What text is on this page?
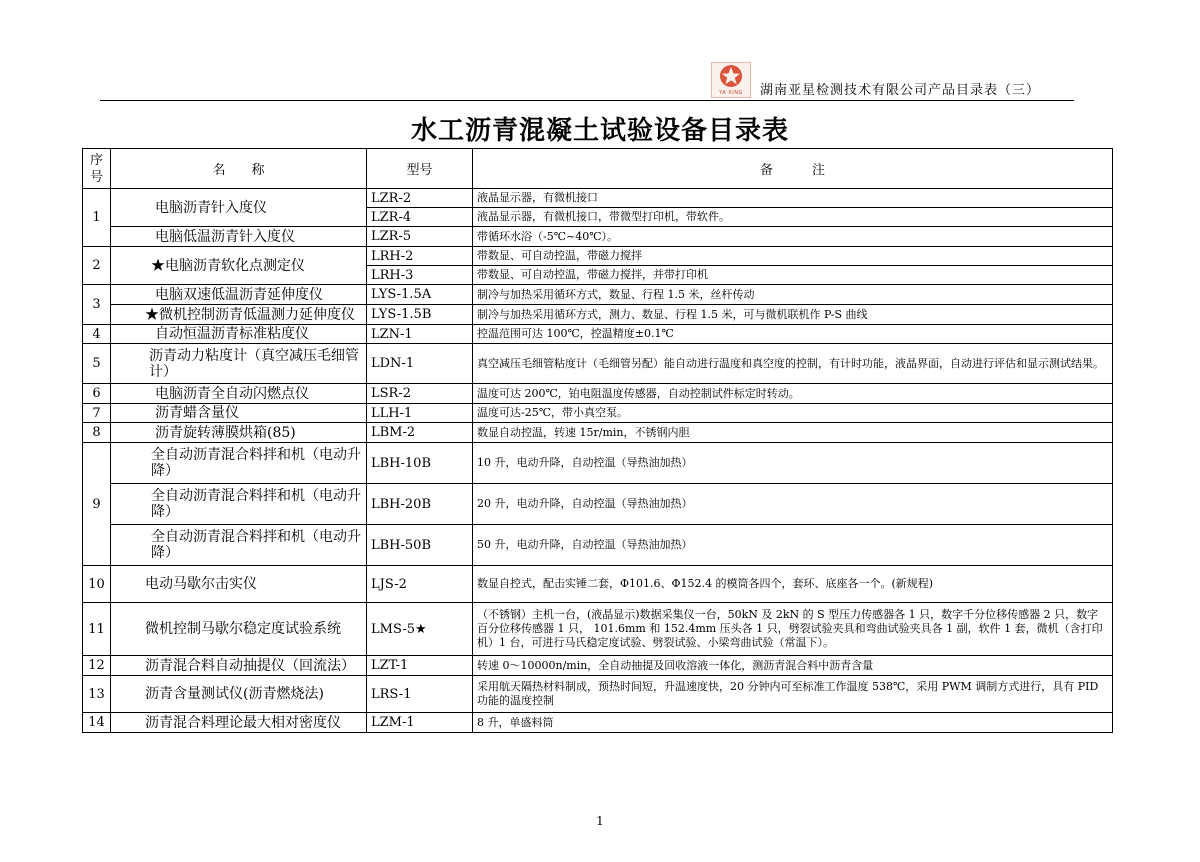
YA XING	湖南亚星检测技术有限公司产品目录表（三）
水工沥青混凝土试验设备目录表
序
号	名　　称	型号	备　　　注
1	电脑沥青针入度仪	LZR-2	液晶显示器，有微机接口
		LZR-4	液晶显示器，有微机接口，带微型打印机，带软件。
	电脑低温沥青针入度仪	LZR-5	带循环水浴（-5℃~40℃）。
2	★电脑沥青软化点测定仪	LRH-2	带数显、可自动控温，带磁力搅拌
		LRH-3	带数显、可自动控温，带磁力搅拌，并带打印机
3	电脑双速低温沥青延伸度仪	LYS-1.5A	制冷与加热采用循环方式，数显、行程 1.5 米，丝杆传动
	★微机控制沥青低温测力延伸度仪	LYS-1.5B	制冷与加热采用循环方式，测力、数显、行程 1.5 米，可与微机联机作 P-S 曲线
4	自动恒温沥青标准粘度仪	LZN-1	控温范围可达 100℃，控温精度±0.1℃
5	沥青动力粘度计（真空减压毛细管计）	LDN-1	真空减压毛细管粘度计（毛细管另配）能自动进行温度和真空度的控制，有计时功能，液晶界面，自动进行评估和显示测试结果。
6	电脑沥青全自动闪燃点仪	LSR-2	温度可达 200℃，铂电阻温度传感器，自动控制试件标定时转动。
7	沥青蜡含量仪	LLH-1	温度可达-25℃，带小真空泵。
8	沥青旋转薄膜烘箱(85)	LBM-2	数显自动控温，转速 15r/min，不锈钢内胆
9	全自动沥青混合料拌和机（电动升降）	LBH-10B	10 升，电动升降，自动控温（导热油加热）
	全自动沥青混合料拌和机（电动升降）	LBH-20B	20 升，电动升降，自动控温（导热油加热）
	全自动沥青混合料拌和机（电动升降）	LBH-50B	50 升，电动升降，自动控温（导热油加热）
10	电动马歇尔击实仪	LJS-2	数显自控式，配击实锤二套，Φ101.6、Φ152.4 的模筒各四个，套环、底座各一个。(新规程)
11	微机控制马歇尔稳定度试验系统	LMS-5★	（不锈钢）主机一台，(液晶显示)数据采集仪一台，50kN 及 2kN 的 S 型压力传感器各 1 只，数字千分位移传感器 2 只，数字百分位移传感器 1 只， 101.6mm 和 152.4mm 压头各 1 只，劈裂试验夹具和弯曲试验夹具各 1 副，软件 1 套，微机（含打印机）1 台，可进行马氏稳定度试验、劈裂试验、小梁弯曲试验（常温下）。
12	沥青混合料自动抽提仪（回流法）	LZT-1	转速 0～10000n/min，全自动抽提及回收溶液一体化，测沥青混合料中沥青含量
13	沥青含量测试仪(沥青燃烧法)	LRS-1	采用航天隔热材料制成，预热时间短，升温速度快，20 分钟内可至标准工作温度 538℃，采用 PWM 调制方式进行，具有 PID 功能的温度控制
14	沥青混合料理论最大相对密度仪	LZM-1	8 升，单盛料筒
1
